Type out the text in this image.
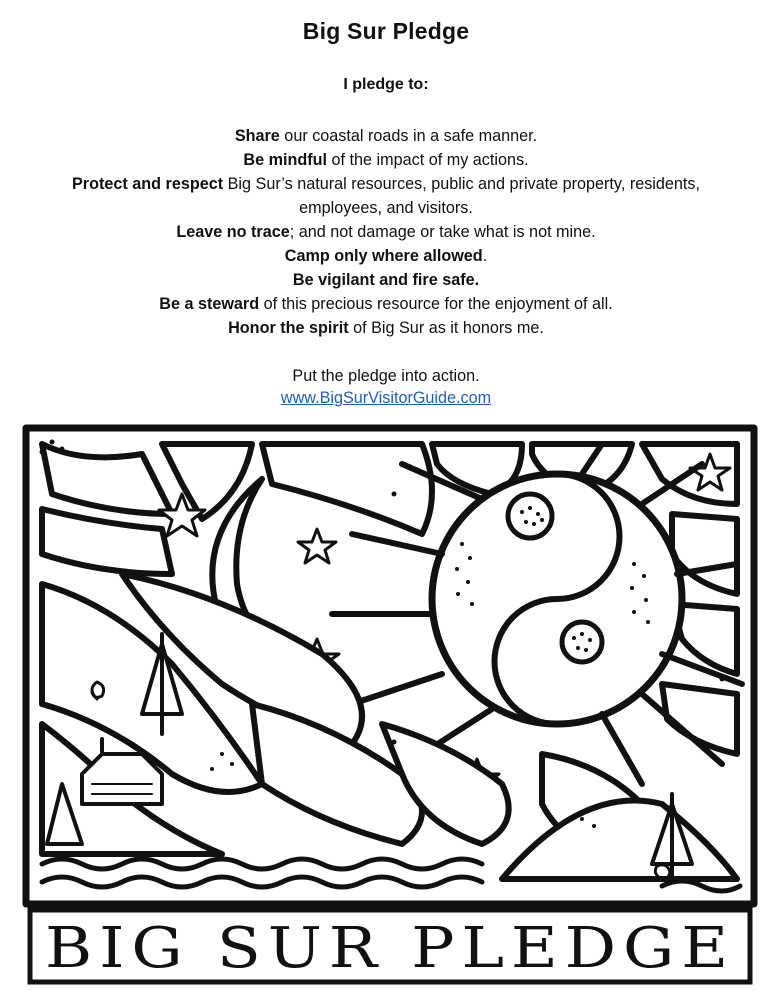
Big Sur Pledge
I pledge to:
Share our coastal roads in a safe manner.
Be mindful of the impact of my actions.
Protect and respect Big Sur’s natural resources, public and private property, residents, employees, and visitors.
Leave no trace; and not damage or take what is not mine.
Camp only where allowed.
Be vigilant and fire safe.
Be a steward of this precious resource for the enjoyment of all.
Honor the spirit of Big Sur as it honors me.
Put the pledge into action.
www.BigSurVisitorGuide.com
BIG SUR PLEDGE
